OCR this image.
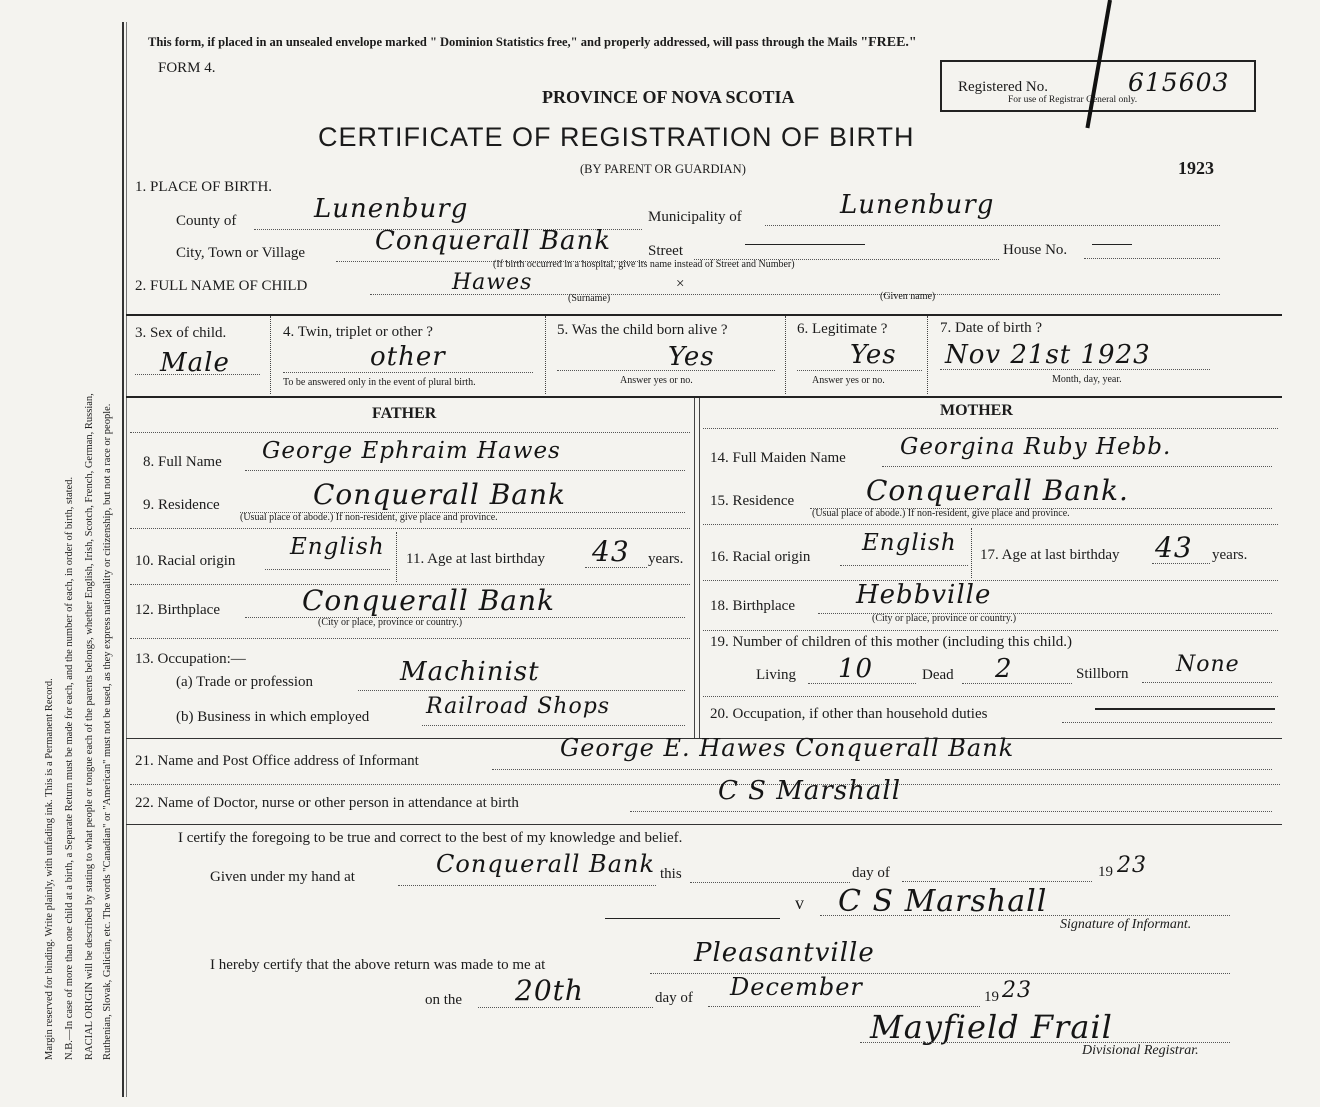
Margin reserved for binding. Write plainly, with unfading ink. This is a Permanent Record. N.B.—In case of more than one child at a birth, a Separate Return must be made for each, and the number of each, in order of birth, stated. RACIAL ORIGIN will be described by stating to what people or tongue each of the parents belongs, whether English, Irish, Scotch, French, German, Russian, Ruthenian, Slovak, Galician, etc. The words "Canadian" or "American" must not be used, as they express nationality or citizenship, but not a race or people.
This form, if placed in an unsealed envelope marked " Dominion Statistics free," and properly addressed, will pass through the Mails "FREE."
FORM 4.
PROVINCE OF NOVA SCOTIA
CERTIFICATE OF REGISTRATION OF BIRTH
(BY PARENT OR GUARDIAN)
Registered No.	615603
For use of Registrar General only.
1923
1. PLACE OF BIRTH.
County of	Lunenburg	Municipality of	Lunenburg
City, Town or Village	Conquerall Bank Street	House No.
(If birth occurred in a hospital, give its name instead of Street and Number)
2. FULL NAME OF CHILD	Hawes	×
(Surname)	(Given name)
3. Sex of child.
Male
4. Twin, triplet or other ?
other
To be answered only in the event of plural birth.
5. Was the child born alive ?
Yes
Answer yes or no.
6. Legitimate ?
Yes
Answer yes or no.
7. Date of birth ?
Nov 21st 1923
Month, day, year.
FATHER
8. Full Name George Ephraim Hawes
9. Residence	Conquerall Bank
(Usual place of abode.) If non-resident, give place and province.
10. Racial origin
English 11. Age at last birthday 43 years.
12. Birthplace	Conquerall Bank
(City or place, province or country.)
13. Occupation:—
(a) Trade or profession	Machinist
(b) Business in which employed	Railroad Shops
MOTHER
14. Full Maiden Name Georgina Ruby Hebb.
15. Residence	Conquerall Bank.
(Usual place of abode.) If non-resident, give place and province.
16. Racial origin
English 17. Age at last birthday 43 years.
18. Birthplace Hebbville
(City or place, province or country.)
19. Number of children of this mother (including this child.)
Living 10	Dead 2	Stillborn None
20. Occupation, if other than household duties
21. Name and Post Office address of Informant	George E. Hawes Conquerall Bank
22. Name of Doctor, nurse or other person in attendance at birth	C S Marshall
I certify the foregoing to be true and correct to the best of my knowledge and belief.
Given under my hand at	Conquerall Bank this	day of	19 23
v C S Marshall
Signature of Informant.
I hereby certify that the above return was made to me at	Pleasantville
on the 20th	day of December	19 23
Mayfield Frail
Divisional Registrar.
